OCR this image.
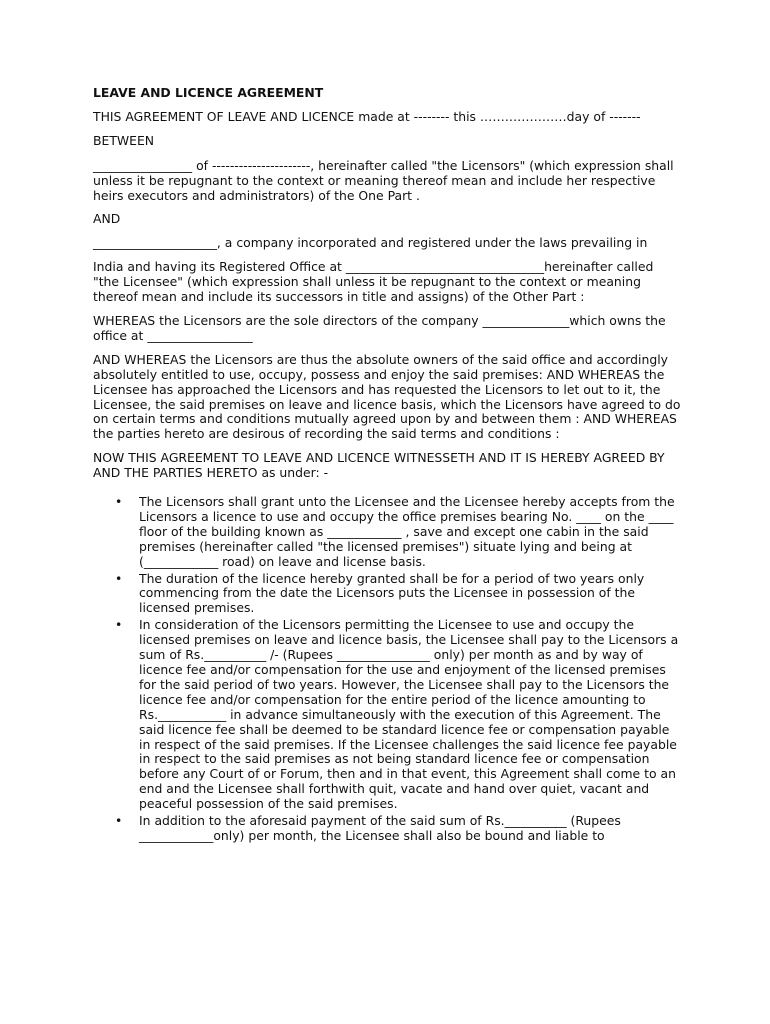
LEAVE AND LICENCE AGREEMENT

THIS AGREEMENT OF LEAVE AND LICENCE made at -------- this …………………day of -------

BETWEEN

________________ of ----------------------, hereinafter called "the Licensors" (which expression shall unless it be repugnant to the context or meaning thereof mean and include her respective heirs executors and administrators) of the One Part .

AND

____________________, a company incorporated and registered under the laws prevailing in

India and having its Registered Office at ________________________________hereinafter called "the Licensee" (which expression shall unless it be repugnant to the context or meaning thereof mean and include its successors in title and assigns) of the Other Part :

WHEREAS the Licensors are the sole directors of the company ______________which owns the office at _________________

AND WHEREAS the Licensors are thus the absolute owners of the said office and accordingly absolutely entitled to use, occupy, possess and enjoy the said premises: AND WHEREAS the Licensee has approached the Licensors and has requested the Licensors to let out to it, the Licensee, the said premises on leave and licence basis, which the Licensors have agreed to do on certain terms and conditions mutually agreed upon by and between them : AND WHEREAS the parties hereto are desirous of recording the said terms and conditions :

NOW THIS AGREEMENT TO LEAVE AND LICENCE WITNESSETH AND IT IS HEREBY AGREED BY AND THE PARTIES HERETO as under: -

• The Licensors shall grant unto the Licensee and the Licensee hereby accepts from the Licensors a licence to use and occupy the office premises bearing No. ____ on the ____ floor of the building known as ____________ , save and except one cabin in the said premises (hereinafter called "the licensed premises") situate lying and being at (____________ road) on leave and license basis.
• The duration of the licence hereby granted shall be for a period of two years only commencing from the date the Licensors puts the Licensee in possession of the licensed premises.
• In consideration of the Licensors permitting the Licensee to use and occupy the licensed premises on leave and licence basis, the Licensee shall pay to the Licensors a sum of Rs.__________ /- (Rupees _______________ only) per month as and by way of licence fee and/or compensation for the use and enjoyment of the licensed premises for the said period of two years. However, the Licensee shall pay to the Licensors the licence fee and/or compensation for the entire period of the licence amounting to Rs.___________ in advance simultaneously with the execution of this Agreement. The said licence fee shall be deemed to be standard licence fee or compensation payable in respect of the said premises. If the Licensee challenges the said licence fee payable in respect to the said premises as not being standard licence fee or compensation before any Court of or Forum, then and in that event, this Agreement shall come to an end and the Licensee shall forthwith quit, vacate and hand over quiet, vacant and peaceful possession of the said premises.
• In addition to the aforesaid payment of the said sum of Rs.__________ (Rupees ____________only) per month, the Licensee shall also be bound and liable to
